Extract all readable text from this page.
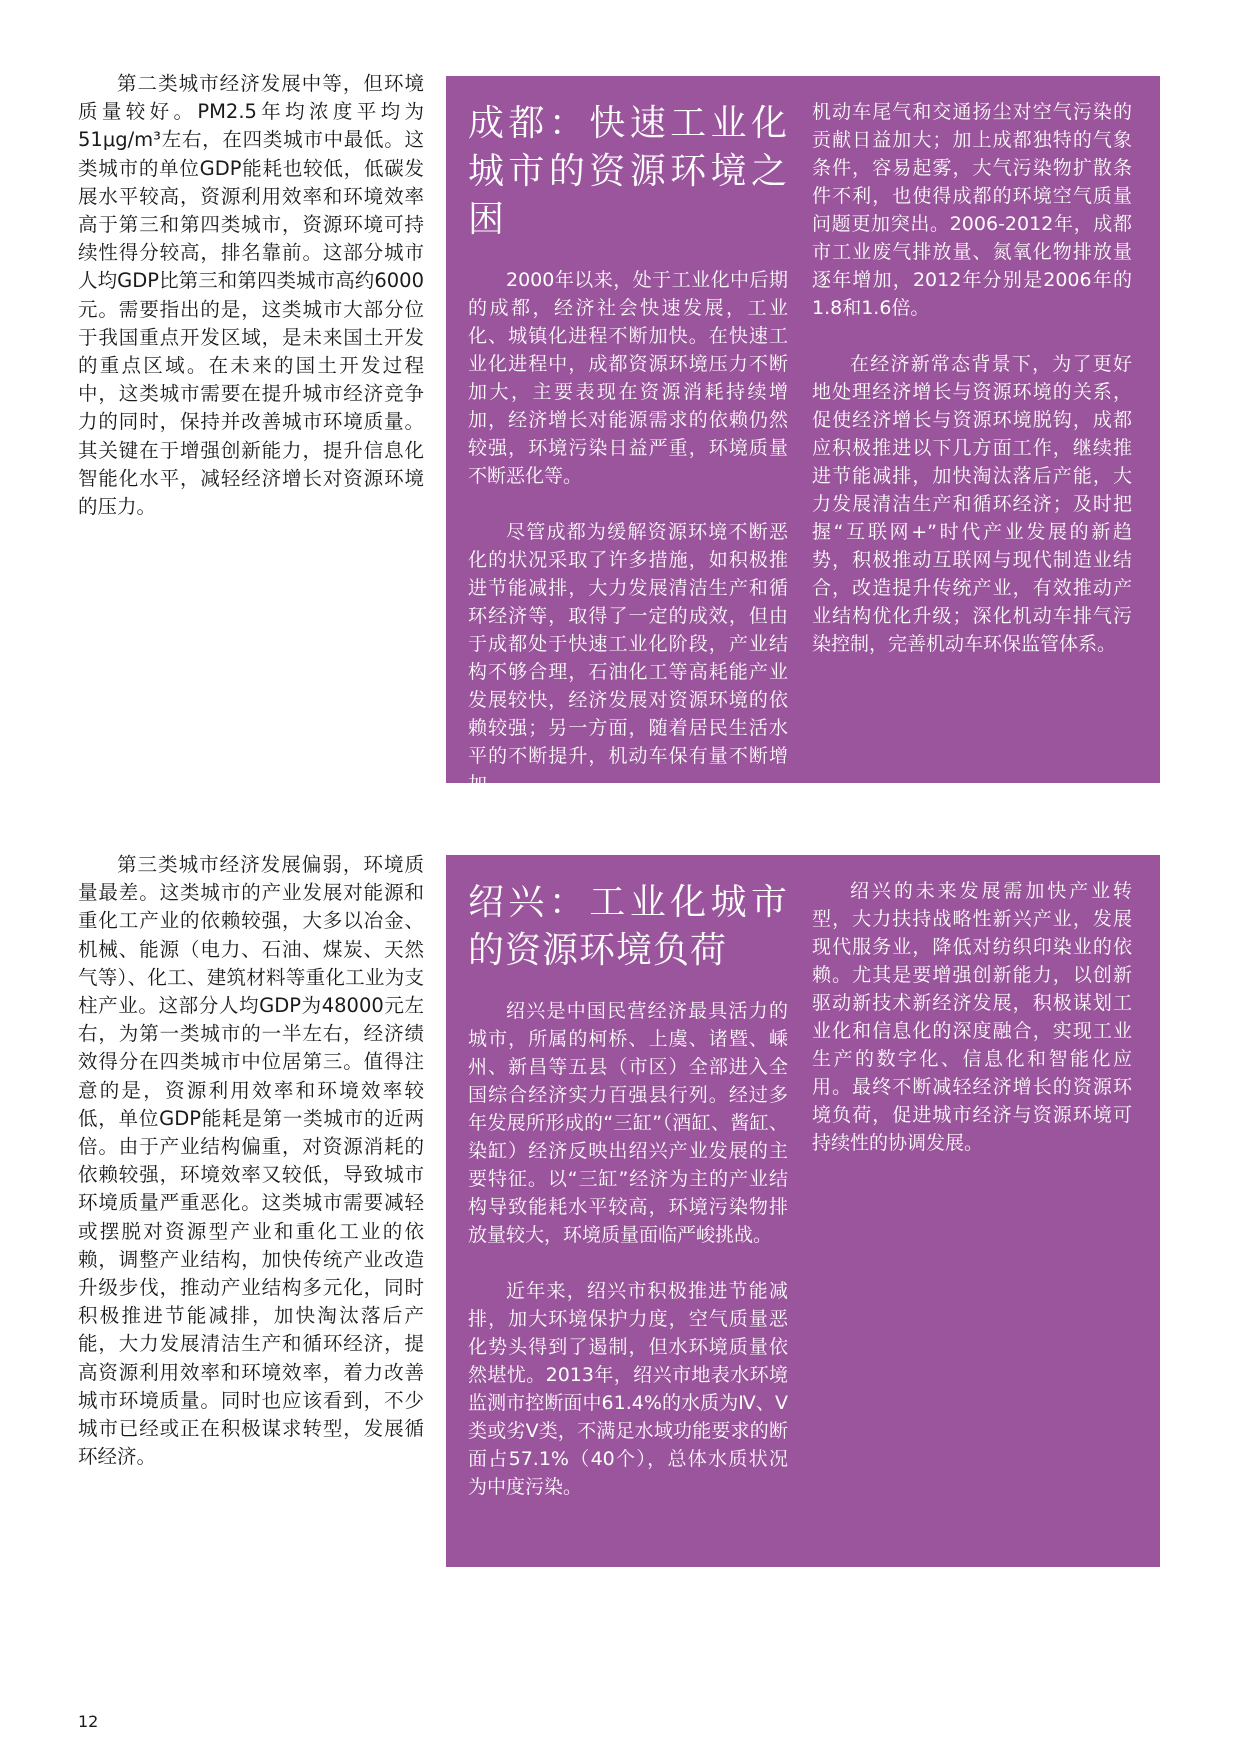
第二类城市经济发展中等，但环境质量较好。PM2.5年均浓度平均为51μg/m³左右，在四类城市中最低。这类城市的单位GDP能耗也较低，低碳发展水平较高，资源利用效率和环境效率高于第三和第四类城市，资源环境可持续性得分较高，排名靠前。这部分城市人均GDP比第三和第四类城市高约6000元。需要指出的是，这类城市大部分位于我国重点开发区域，是未来国土开发的重点区域。在未来的国土开发过程中，这类城市需要在提升城市经济竞争力的同时，保持并改善城市环境质量。其关键在于增强创新能力，提升信息化智能化水平，减轻经济增长对资源环境的压力。

成都：快速工业化城市的资源环境之困

2000年以来，处于工业化中后期的成都，经济社会快速发展，工业化、城镇化进程不断加快。在快速工业化进程中，成都资源环境压力不断加大，主要表现在资源消耗持续增加，经济增长对能源需求的依赖仍然较强，环境污染日益严重，环境质量不断恶化等。

尽管成都为缓解资源环境不断恶化的状况采取了许多措施，如积极推进节能减排，大力发展清洁生产和循环经济等，取得了一定的成效，但由于成都处于快速工业化阶段，产业结构不够合理，石油化工等高耗能产业发展较快，经济发展对资源环境的依赖较强；另一方面，随着居民生活水平的不断提升，机动车保有量不断增加，

机动车尾气和交通扬尘对空气污染的贡献日益加大；加上成都独特的气象条件，容易起雾，大气污染物扩散条件不利，也使得成都的环境空气质量问题更加突出。2006-2012年，成都市工业废气排放量、氮氧化物排放量逐年增加，2012年分别是2006年的1.8和1.6倍。

在经济新常态背景下，为了更好地处理经济增长与资源环境的关系，促使经济增长与资源环境脱钩，成都应积极推进以下几方面工作，继续推进节能减排，加快淘汰落后产能，大力发展清洁生产和循环经济；及时把握“互联网+”时代产业发展的新趋势，积极推动互联网与现代制造业结合，改造提升传统产业，有效推动产业结构优化升级；深化机动车排气污染控制，完善机动车环保监管体系。

第三类城市经济发展偏弱，环境质量最差。这类城市的产业发展对能源和重化工产业的依赖较强，大多以冶金、机械、能源（电力、石油、煤炭、天然气等）、化工、建筑材料等重化工业为支柱产业。这部分人均GDP为48000元左右，为第一类城市的一半左右，经济绩效得分在四类城市中位居第三。值得注意的是，资源利用效率和环境效率较低，单位GDP能耗是第一类城市的近两倍。由于产业结构偏重，对资源消耗的依赖较强，环境效率又较低，导致城市环境质量严重恶化。这类城市需要减轻或摆脱对资源型产业和重化工业的依赖，调整产业结构，加快传统产业改造升级步伐，推动产业结构多元化，同时积极推进节能减排，加快淘汰落后产能，大力发展清洁生产和循环经济，提高资源利用效率和环境效率，着力改善城市环境质量。同时也应该看到，不少城市已经或正在积极谋求转型，发展循环经济。

绍兴：工业化城市的资源环境负荷

绍兴是中国民营经济最具活力的城市，所属的柯桥、上虞、诸暨、嵊州、新昌等五县（市区）全部进入全国综合经济实力百强县行列。经过多年发展所形成的“三缸”（酒缸、酱缸、染缸）经济反映出绍兴产业发展的主要特征。以“三缸”经济为主的产业结构导致能耗水平较高，环境污染物排放量较大，环境质量面临严峻挑战。

近年来，绍兴市积极推进节能减排，加大环境保护力度，空气质量恶化势头得到了遏制，但水环境质量依然堪忧。2013年，绍兴市地表水环境监测市控断面中61.4%的水质为Ⅳ、Ⅴ类或劣Ⅴ类，不满足水域功能要求的断面占57.1%（40个），总体水质状况为中度污染。

绍兴的未来发展需加快产业转型，大力扶持战略性新兴产业，发展现代服务业，降低对纺织印染业的依赖。尤其是要增强创新能力，以创新驱动新技术新经济发展，积极谋划工业化和信息化的深度融合，实现工业生产的数字化、信息化和智能化应用。最终不断减轻经济增长的资源环境负荷，促进城市经济与资源环境可持续性的协调发展。

12
